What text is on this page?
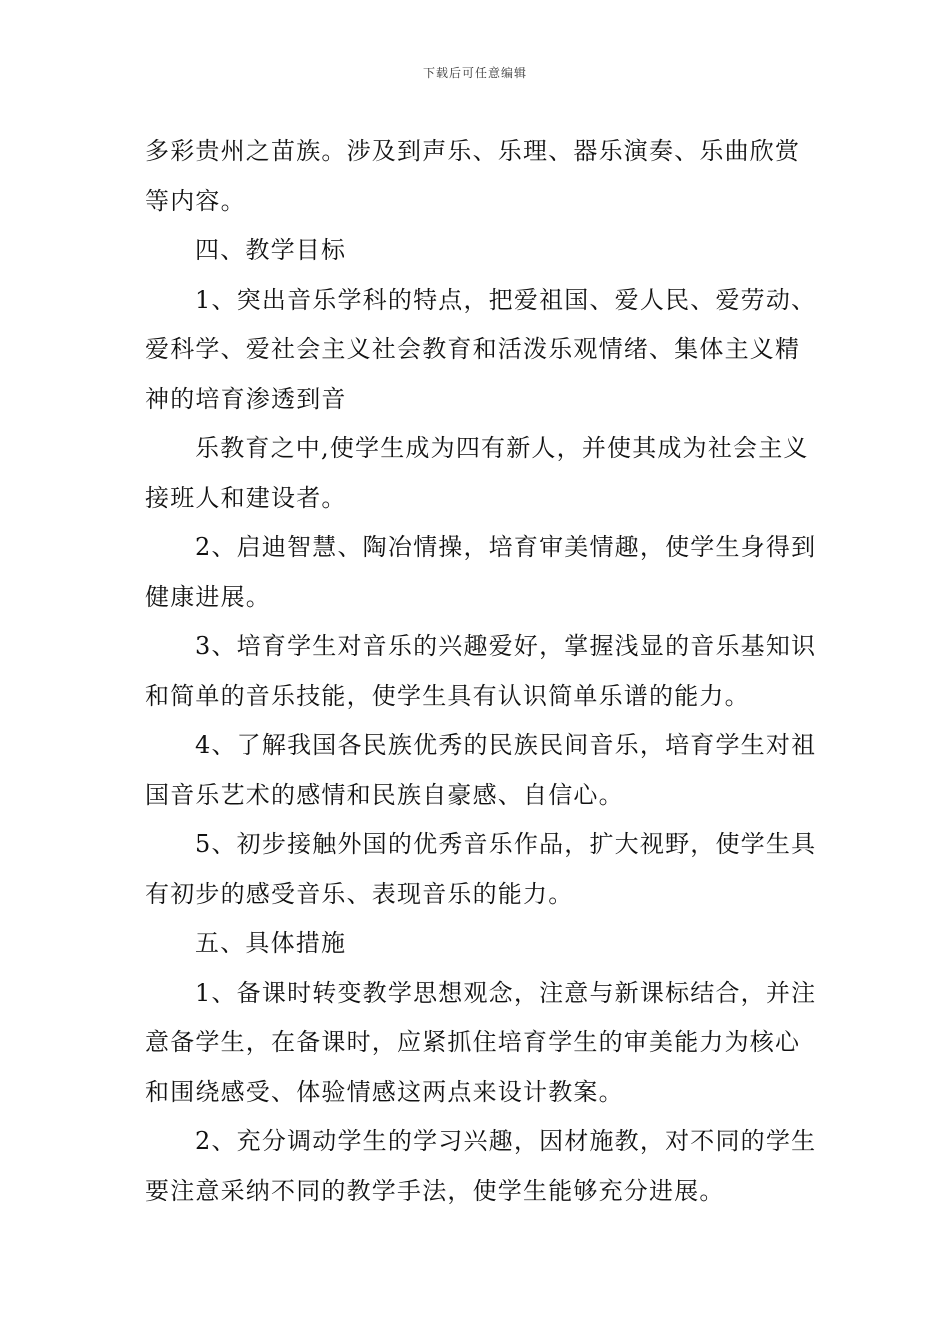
下载后可任意编辑

多彩贵州之苗族。涉及到声乐、乐理、器乐演奏、乐曲欣赏等内容。

四、教学目标

1、突出音乐学科的特点，把爱祖国、爱人民、爱劳动、爱科学、爱社会主义社会教育和活泼乐观情绪、集体主义精神的培育渗透到音

乐教育之中,使学生成为四有新人，并使其成为社会主义接班人和建设者。

2、启迪智慧、陶冶情操，培育审美情趣，使学生身得到健康进展。

3、培育学生对音乐的兴趣爱好，掌握浅显的音乐基知识和简单的音乐技能，使学生具有认识简单乐谱的能力。

4、了解我国各民族优秀的民族民间音乐，培育学生对祖国音乐艺术的感情和民族自豪感、自信心。

5、初步接触外国的优秀音乐作品，扩大视野，使学生具有初步的感受音乐、表现音乐的能力。

五、具体措施

1、备课时转变教学思想观念，注意与新课标结合，并注意备学生，在备课时，应紧抓住培育学生的审美能力为核心和围绕感受、体验情感这两点来设计教案。

2、充分调动学生的学习兴趣，因材施教，对不同的学生要注意采纳不同的教学手法，使学生能够充分进展。
